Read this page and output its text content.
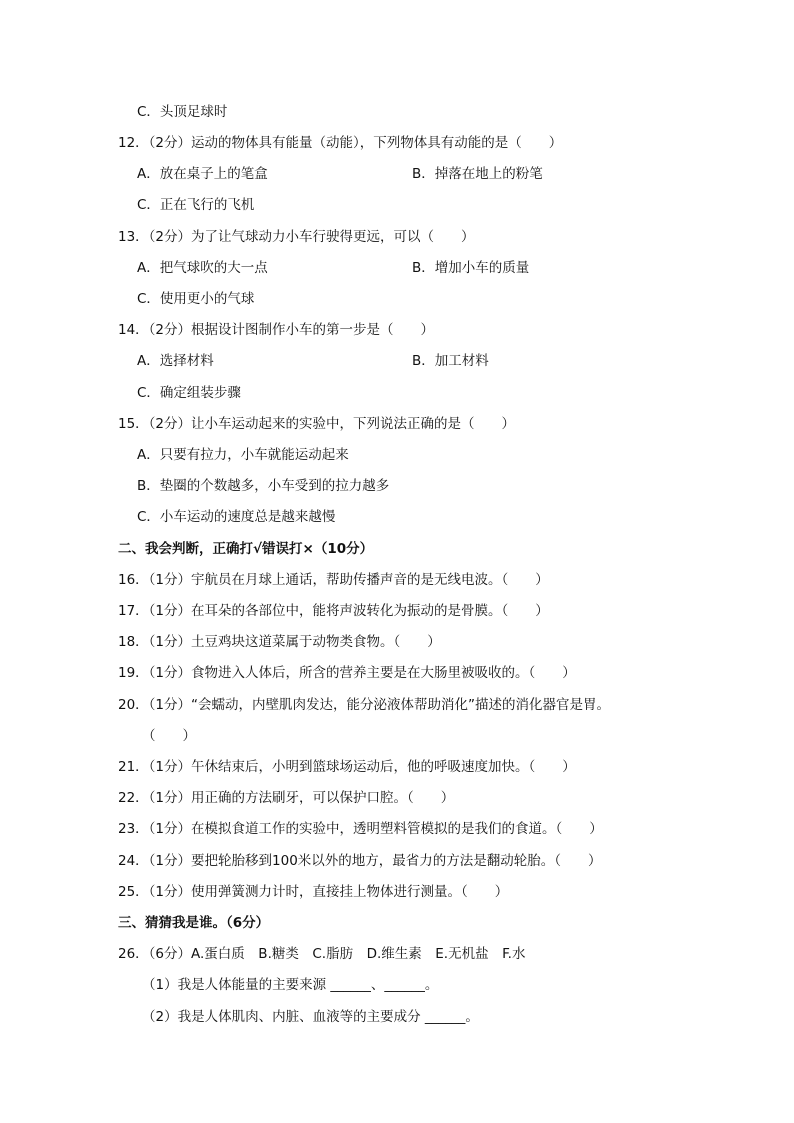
C．头顶足球时
12．（2分）运动的物体具有能量（动能），下列物体具有动能的是（　　）
A．放在桌子上的笔盒	B．掉落在地上的粉笔
C．正在飞行的飞机
13．（2分）为了让气球动力小车行驶得更远，可以（　　）
A．把气球吹的大一点	B．增加小车的质量
C．使用更小的气球
14．（2分）根据设计图制作小车的第一步是（　　）
A．选择材料	B．加工材料
C．确定组装步骤
15．（2分）让小车运动起来的实验中，下列说法正确的是（　　）
A．只要有拉力，小车就能运动起来
B．垫圈的个数越多，小车受到的拉力越多
C．小车运动的速度总是越来越慢
二、我会判断，正确打√错误打×（10分）
16．（1分）宇航员在月球上通话，帮助传播声音的是无线电波。（　　）
17．（1分）在耳朵的各部位中，能将声波转化为振动的是骨膜。（　　）
18．（1分）土豆鸡块这道菜属于动物类食物。（　　）
19．（1分）食物进入人体后，所含的营养主要是在大肠里被吸收的。（　　）
20．（1分）“会蠕动，内壁肌肉发达，能分泌液体帮助消化”描述的消化器官是胃。
（　　）
21．（1分）午休结束后，小明到篮球场运动后，他的呼吸速度加快。（　　）
22．（1分）用正确的方法刷牙，可以保护口腔。（　　）
23．（1分）在模拟食道工作的实验中，透明塑料管模拟的是我们的食道。（　　）
24．（1分）要把轮胎移到100米以外的地方，最省力的方法是翻动轮胎。（　　）
25．（1分）使用弹簧测力计时，直接挂上物体进行测量。（　　）
三、猜猜我是谁。（6分）
26．（6分）A.蛋白质　B.糖类　C.脂肪　D.维生素　E.无机盐　F.水
（1）我是人体能量的主要来源 ______、______。
（2）我是人体肌肉、内脏、血液等的主要成分 ______。
